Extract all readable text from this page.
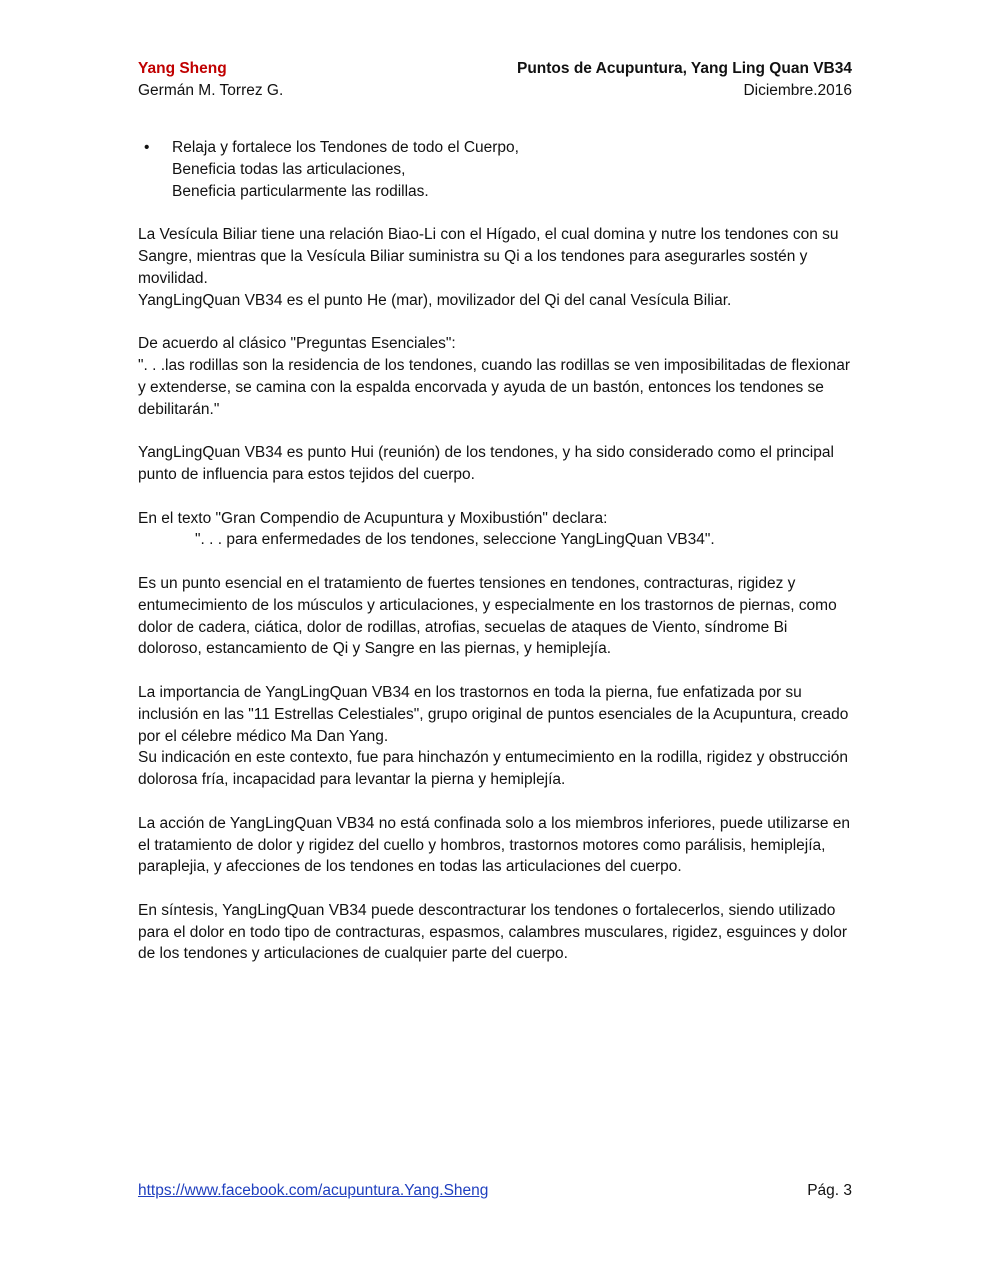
Yang Sheng	Puntos de Acupuntura, Yang Ling Quan VB34
Germán M. Torrez G.	Diciembre.2016
• Relaja y fortalece los Tendones de todo el Cuerpo,
Beneficia todas las articulaciones,
Beneficia particularmente las rodillas.

La Vesícula Biliar tiene una relación Biao-Li con el Hígado, el cual domina y nutre los tendones con su Sangre, mientras que la Vesícula Biliar suministra su Qi a los tendones para asegurarles sostén y movilidad.
YangLingQuan VB34 es el punto He (mar), movilizador del Qi del canal Vesícula Biliar.

De acuerdo al clásico "Preguntas Esenciales":
". . .las rodillas son la residencia de los tendones, cuando las rodillas se ven imposibilitadas de flexionar y extenderse, se camina con la espalda encorvada y ayuda de un bastón, entonces los tendones se debilitarán."

YangLingQuan VB34 es punto Hui (reunión) de los tendones, y ha sido considerado como el principal punto de influencia para estos tejidos del cuerpo.

En el texto "Gran Compendio de Acupuntura y Moxibustión" declara:
". . . para enfermedades de los tendones, seleccione YangLingQuan VB34".

Es un punto esencial en el tratamiento de fuertes tensiones en tendones, contracturas, rigidez y entumecimiento de los músculos y articulaciones, y especialmente en los trastornos de piernas, como dolor de cadera, ciática, dolor de rodillas, atrofias, secuelas de ataques de Viento, síndrome Bi doloroso, estancamiento de Qi y Sangre en las piernas, y hemiplejía.

La importancia de YangLingQuan VB34 en los trastornos en toda la pierna, fue enfatizada por su inclusión en las "11 Estrellas Celestiales", grupo original de puntos esenciales de la Acupuntura, creado por el célebre médico Ma Dan Yang.
Su indicación en este contexto, fue para hinchazón y entumecimiento en la rodilla, rigidez y obstrucción dolorosa fría, incapacidad para levantar la pierna y hemiplejía.

La acción de YangLingQuan VB34 no está confinada solo a los miembros inferiores, puede utilizarse en el tratamiento de dolor y rigidez del cuello y hombros, trastornos motores como parálisis, hemiplejía, paraplejia, y afecciones de los tendones en todas las articulaciones del cuerpo.

En síntesis, YangLingQuan VB34 puede descontracturar los tendones o fortalecerlos, siendo utilizado para el dolor en todo tipo de contracturas, espasmos, calambres musculares, rigidez, esguinces y dolor de los tendones y articulaciones de cualquier parte del cuerpo.

https://www.facebook.com/acupuntura.Yang.Sheng	Pág. 3
